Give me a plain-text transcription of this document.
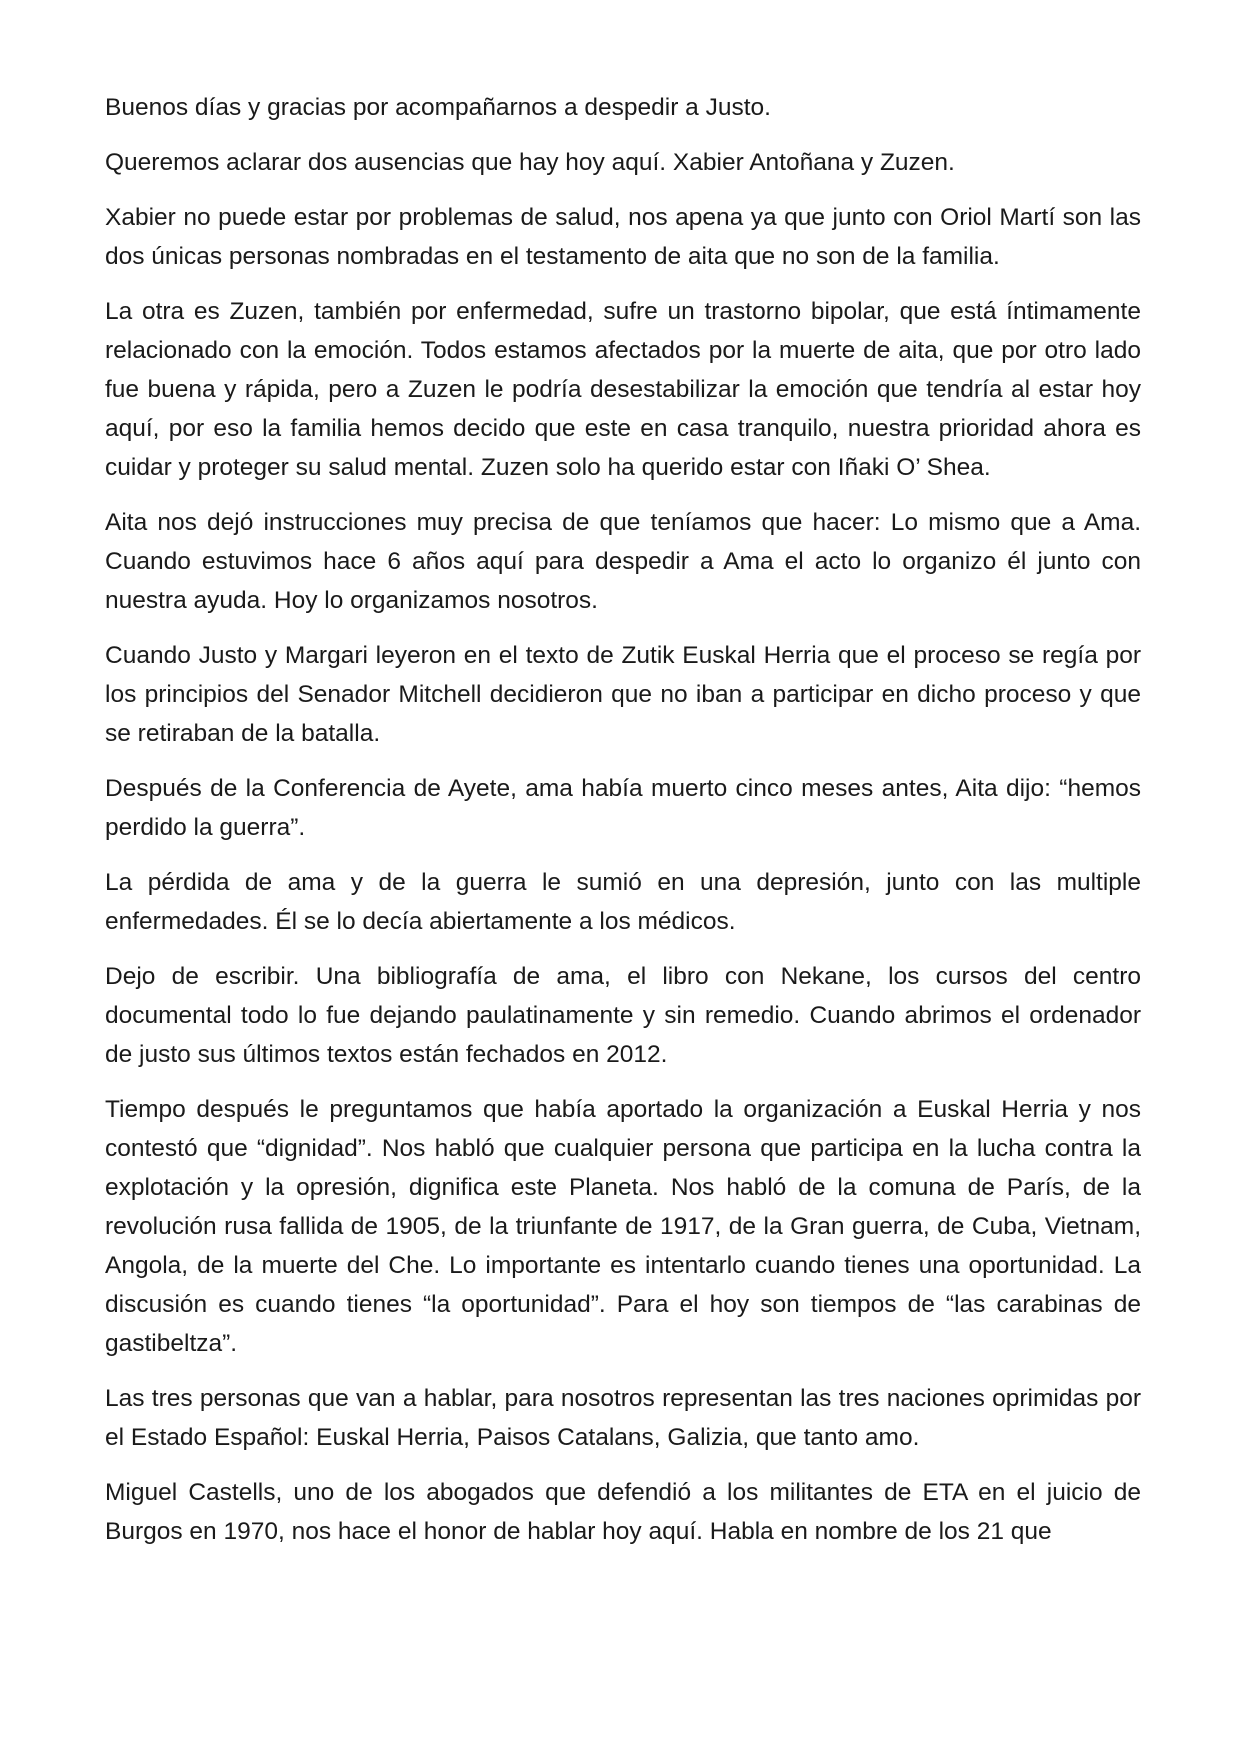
Buenos días y gracias por acompañarnos a despedir a Justo.

Queremos aclarar dos ausencias que hay hoy aquí. Xabier Antoñana y Zuzen.

Xabier no puede estar por problemas de salud, nos apena ya que junto con Oriol Martí son las dos únicas personas nombradas en el testamento de aita que no son de la familia.

La otra es Zuzen, también por enfermedad, sufre un trastorno bipolar, que está íntimamente relacionado con la emoción. Todos estamos afectados por la muerte de aita, que por otro lado fue buena y rápida, pero a Zuzen le podría desestabilizar la emoción que tendría al estar hoy aquí, por eso la familia hemos decido que este en casa tranquilo, nuestra prioridad ahora es cuidar y proteger su salud mental. Zuzen solo ha querido estar con Iñaki O’ Shea.

Aita nos dejó instrucciones muy precisa de que teníamos que hacer: Lo mismo que a Ama. Cuando estuvimos hace 6 años aquí para despedir a Ama el acto lo organizo él junto con nuestra ayuda. Hoy lo organizamos nosotros.

Cuando Justo y Margari leyeron en el texto de Zutik Euskal Herria que el proceso se regía por los principios del Senador Mitchell decidieron que no iban a participar en dicho proceso y que se retiraban de la batalla.

Después de la Conferencia de Ayete, ama había muerto cinco meses antes, Aita dijo: “hemos perdido la guerra”.

La pérdida de ama y de la guerra le sumió en una depresión, junto con las multiple enfermedades. Él se lo decía abiertamente a los médicos.

Dejo de escribir. Una bibliografía de ama, el libro con Nekane, los cursos del centro documental todo lo fue dejando paulatinamente y sin remedio. Cuando abrimos el ordenador de justo sus últimos textos están fechados en 2012.

Tiempo después le preguntamos que había aportado la organización a Euskal Herria y nos contestó que “dignidad”. Nos habló que cualquier persona que participa en la lucha contra la explotación y la opresión, dignifica este Planeta. Nos habló de la comuna de París, de la revolución rusa fallida de 1905, de la triunfante de 1917, de la Gran guerra, de Cuba, Vietnam, Angola, de la muerte del Che. Lo importante es intentarlo cuando tienes una oportunidad. La discusión es cuando tienes “la oportunidad”. Para el hoy son tiempos de “las carabinas de gastibeltza”.

Las tres personas que van a hablar, para nosotros representan las tres naciones oprimidas por el Estado Español: Euskal Herria, Paisos Catalans, Galizia, que tanto amo.

Miguel Castells, uno de los abogados que defendió a los militantes de ETA en el juicio de Burgos en 1970, nos hace el honor de hablar hoy aquí. Habla en nombre de los 21 que
